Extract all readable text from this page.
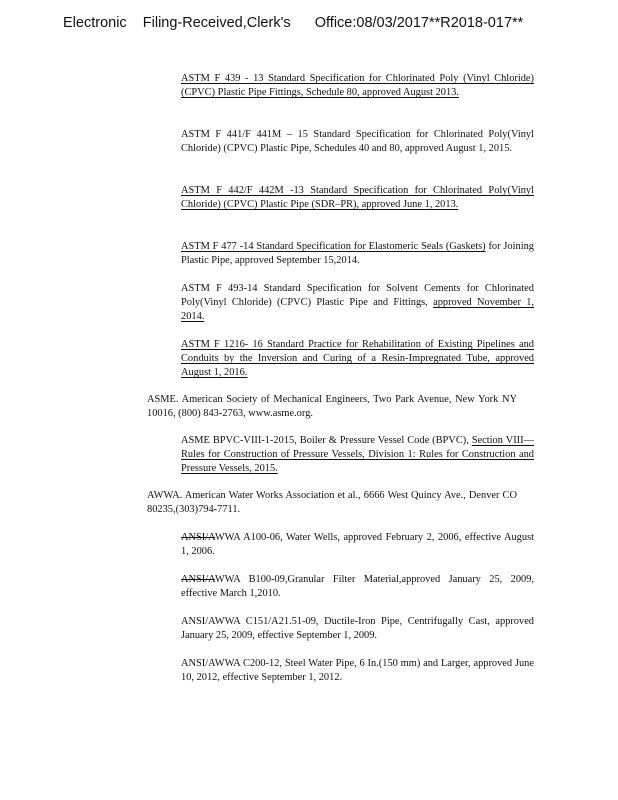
Electronic    Filing-Received,Clerk's      Office:08/03/2017**R2018-017**
ASTM F 439 - 13 Standard Specification for Chlorinated Poly (Vinyl Chloride) (CPVC) Plastic Pipe Fittings, Schedule 80, approved August 2013.
ASTM F 441/F 441M – 15 Standard Specification for Chlorinated Poly(Vinyl Chloride) (CPVC) Plastic Pipe, Schedules 40 and 80, approved August 1, 2015.
ASTM F 442/F 442M -13 Standard Specification for Chlorinated Poly(Vinyl Chloride) (CPVC) Plastic Pipe (SDR–PR), approved June 1, 2013.
ASTM F 477 -14 Standard Specification for Elastomeric Seals (Gaskets) for Joining Plastic Pipe, approved September 15,2014.
ASTM F 493-14 Standard Specification for Solvent Cements for Chlorinated Poly(Vinyl Chloride) (CPVC) Plastic Pipe and Fittings, approved November 1, 2014.
ASTM F 1216- 16 Standard Practice for Rehabilitation of Existing Pipelines and Conduits by the Inversion and Curing of a Resin-Impregnated Tube, approved August 1, 2016.
ASME. American Society of Mechanical Engineers, Two Park Avenue, New York NY 10016, (800) 843-2763, www.asme.org.
ASME BPVC-VIII-1-2015, Boiler & Pressure Vessel Code (BPVC), Section VIII—Rules for Construction of Pressure Vessels, Division 1: Rules for Construction and Pressure Vessels, 2015.
AWWA. American Water Works Association et al., 6666 West Quincy Ave., Denver CO 80235,(303)794-7711.
ANSI/AWWA A100-06, Water Wells, approved February 2, 2006, effective August 1, 2006.
ANSI/AWWA B100-09,Granular Filter Material,approved January 25, 2009, effective March 1,2010.
ANSI/AWWA C151/A21.51-09, Ductile-Iron Pipe, Centrifugally Cast, approved January 25, 2009, effective September 1, 2009.
ANSI/AWWA C200-12, Steel Water Pipe, 6 In.(150 mm) and Larger, approved June 10, 2012, effective September 1, 2012.
